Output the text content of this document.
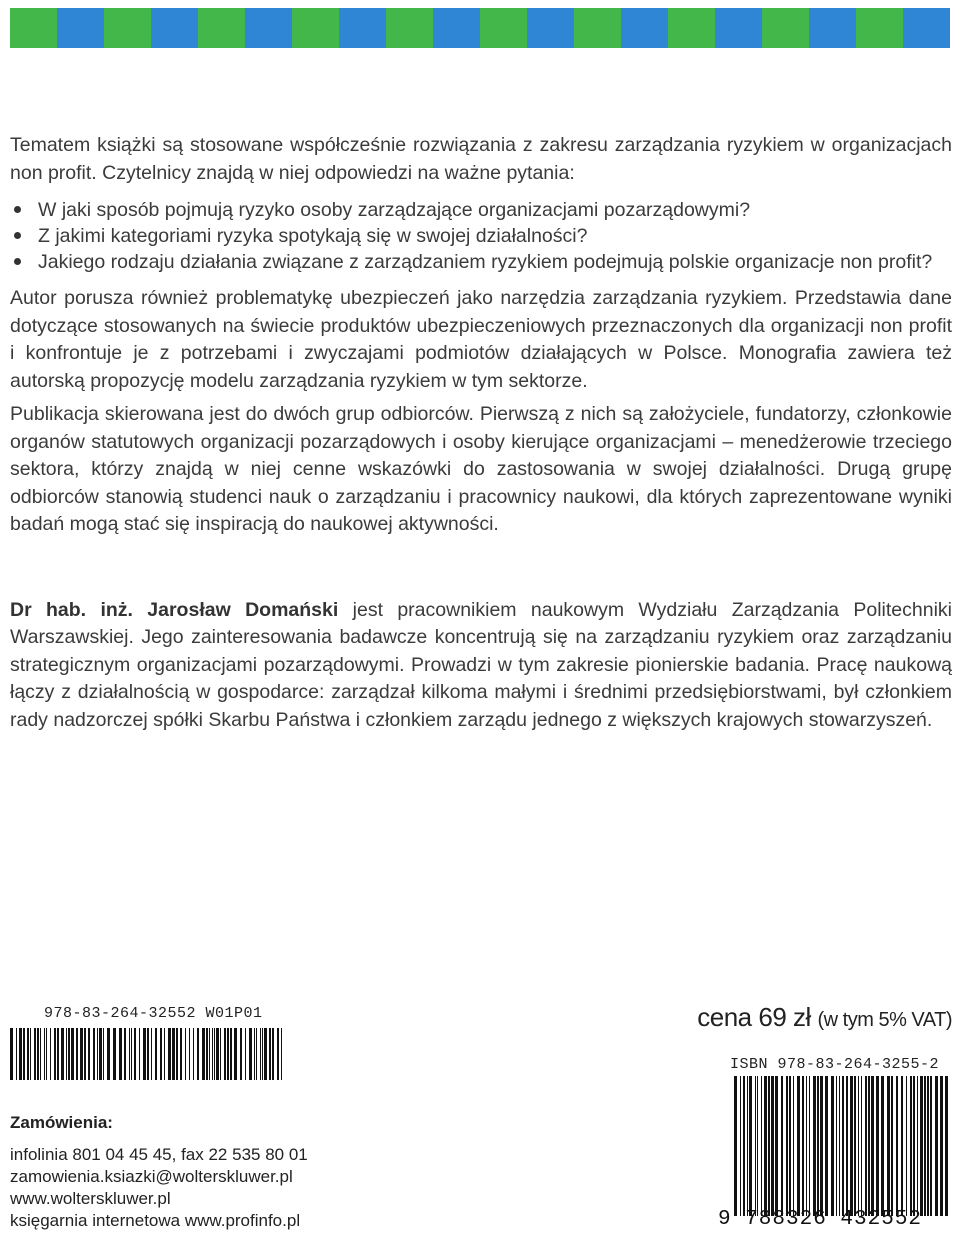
Tematem książki są stosowane współcześnie rozwiązania z zakresu zarządzania ryzykiem w organizacjach non profit. Czytelnicy znajdą w niej odpowiedzi na ważne pytania:

W jaki sposób pojmują ryzyko osoby zarządzające organizacjami pozarządowymi?
Z jakimi kategoriami ryzyka spotykają się w swojej działalności?
Jakiego rodzaju działania związane z zarządzaniem ryzykiem podejmują polskie organizacje non profit?

Autor porusza również problematykę ubezpieczeń jako narzędzia zarządzania ryzykiem. Przedstawia dane dotyczące stosowanych na świecie produktów ubezpieczeniowych przeznaczonych dla organizacji non profit i konfrontuje je z potrzebami i zwyczajami podmiotów działających w Polsce. Monografia zawiera też autorską propozycję modelu zarządzania ryzykiem w tym sektorze.

Publikacja skierowana jest do dwóch grup odbiorców. Pierwszą z nich są założyciele, fundatorzy, członkowie organów statutowych organizacji pozarządowych i osoby kierujące organizacjami – menedżerowie trzeciego sektora, którzy znajdą w niej cenne wskazówki do zastosowania w swojej działalności. Drugą grupę odbiorców stanowią studenci nauk o zarządzaniu i pracownicy naukowi, dla których zaprezentowane wyniki badań mogą stać się inspiracją do naukowej aktywności.

Dr hab. inż. Jarosław Domański jest pracownikiem naukowym Wydziału Zarządzania Politechniki Warszawskiej. Jego zainteresowania badawcze koncentrują się na zarządzaniu ryzykiem oraz zarządzaniu strategicznym organizacjami pozarządowymi. Prowadzi w tym zakresie pionierskie badania. Pracę naukową łączy z działalnością w gospodarce: zarządzał kilkoma małymi i średnimi przedsiębiorstwami, był członkiem rady nadzorczej spółki Skarbu Państwa i członkiem zarządu jednego z większych krajowych stowarzyszeń.

978-83-264-32552 W01P01	cena 69 zł (w tym 5% VAT)
ISBN 978-83-264-3255-2
9 788326 432552
Zamówienia:
infolinia 801 04 45 45, fax 22 535 80 01
zamowienia.ksiazki@wolterskluwer.pl
www.wolterskluwer.pl
księgarnia internetowa www.profinfo.pl
